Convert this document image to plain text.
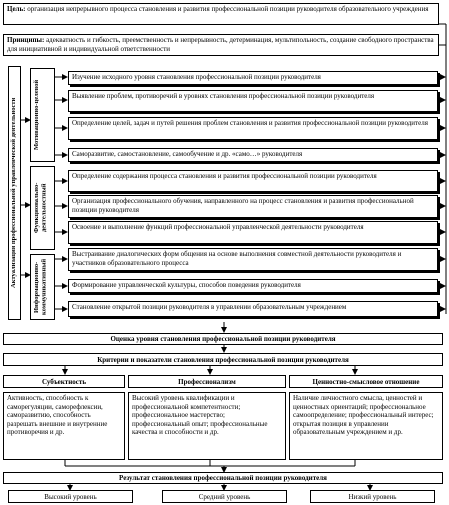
Цель: организация непрерывного процесса становления и развития профессиональной позиции руководителя образовательного учреждения
Принципы: адекватность и гибкость, преемственность и непрерывность, детерминация, мультипольность, создание свободного пространства для инициативной и индивидуальной ответственности
Актуализация профессиональной управленческой деятельности	Мотивационно-целевой
Функционально-деятельностный
Информационно-коммуникативный
Изучение исходного уровня становления профессиональной позиции руководителя
Выявление проблем, противоречий в уровнях становления профессиональной позиции руководителя
Определение целей, задач и путей решения проблем становления и развития профессиональной позиции руководителя
Саморазвитие, самостановление, самообучение и др. «само…» руководителя
Определение содержания процесса становления и развития профессиональной позиции руководителя
Организация профессионального обучения, направленного на процесс становления и развития профессиональной позиции руководителя
Освоение и выполнение функций профессиональной управленческой деятельности руководителя
Выстраивание диалогических форм общения на основе выполнения совместной деятельности руководителя и участников образовательного процесса
Формирование управленческой культуры, способов поведения руководителя
Становление открытой позиции руководителя в управлении образовательным учреждением
Оценка уровня становления профессиональной позиции руководителя
Критерии и показатели становления профессиональной позиции руководителя
Субъектность	Профессионализм	Ценностно-смысловое отношение
Активность, способность к саморегуляции, саморефлексии, саморазвитию, способность разрешать внешние и внутренние противоречия и др.
Высокий уровень квалификации и профессиональной компетентности; профессиональное мастерство; профессиональный опыт; профессиональные качества и способности и др.
Наличие личностного смысла, ценностей и ценностных ориентаций; профессиональное самоопределение; профессиональный интерес; открытая позиция в управлении образовательным учреждением и др.
Результат становления профессиональной позиции руководителя
Высокий уровень	Средний уровень	Низкий уровень
